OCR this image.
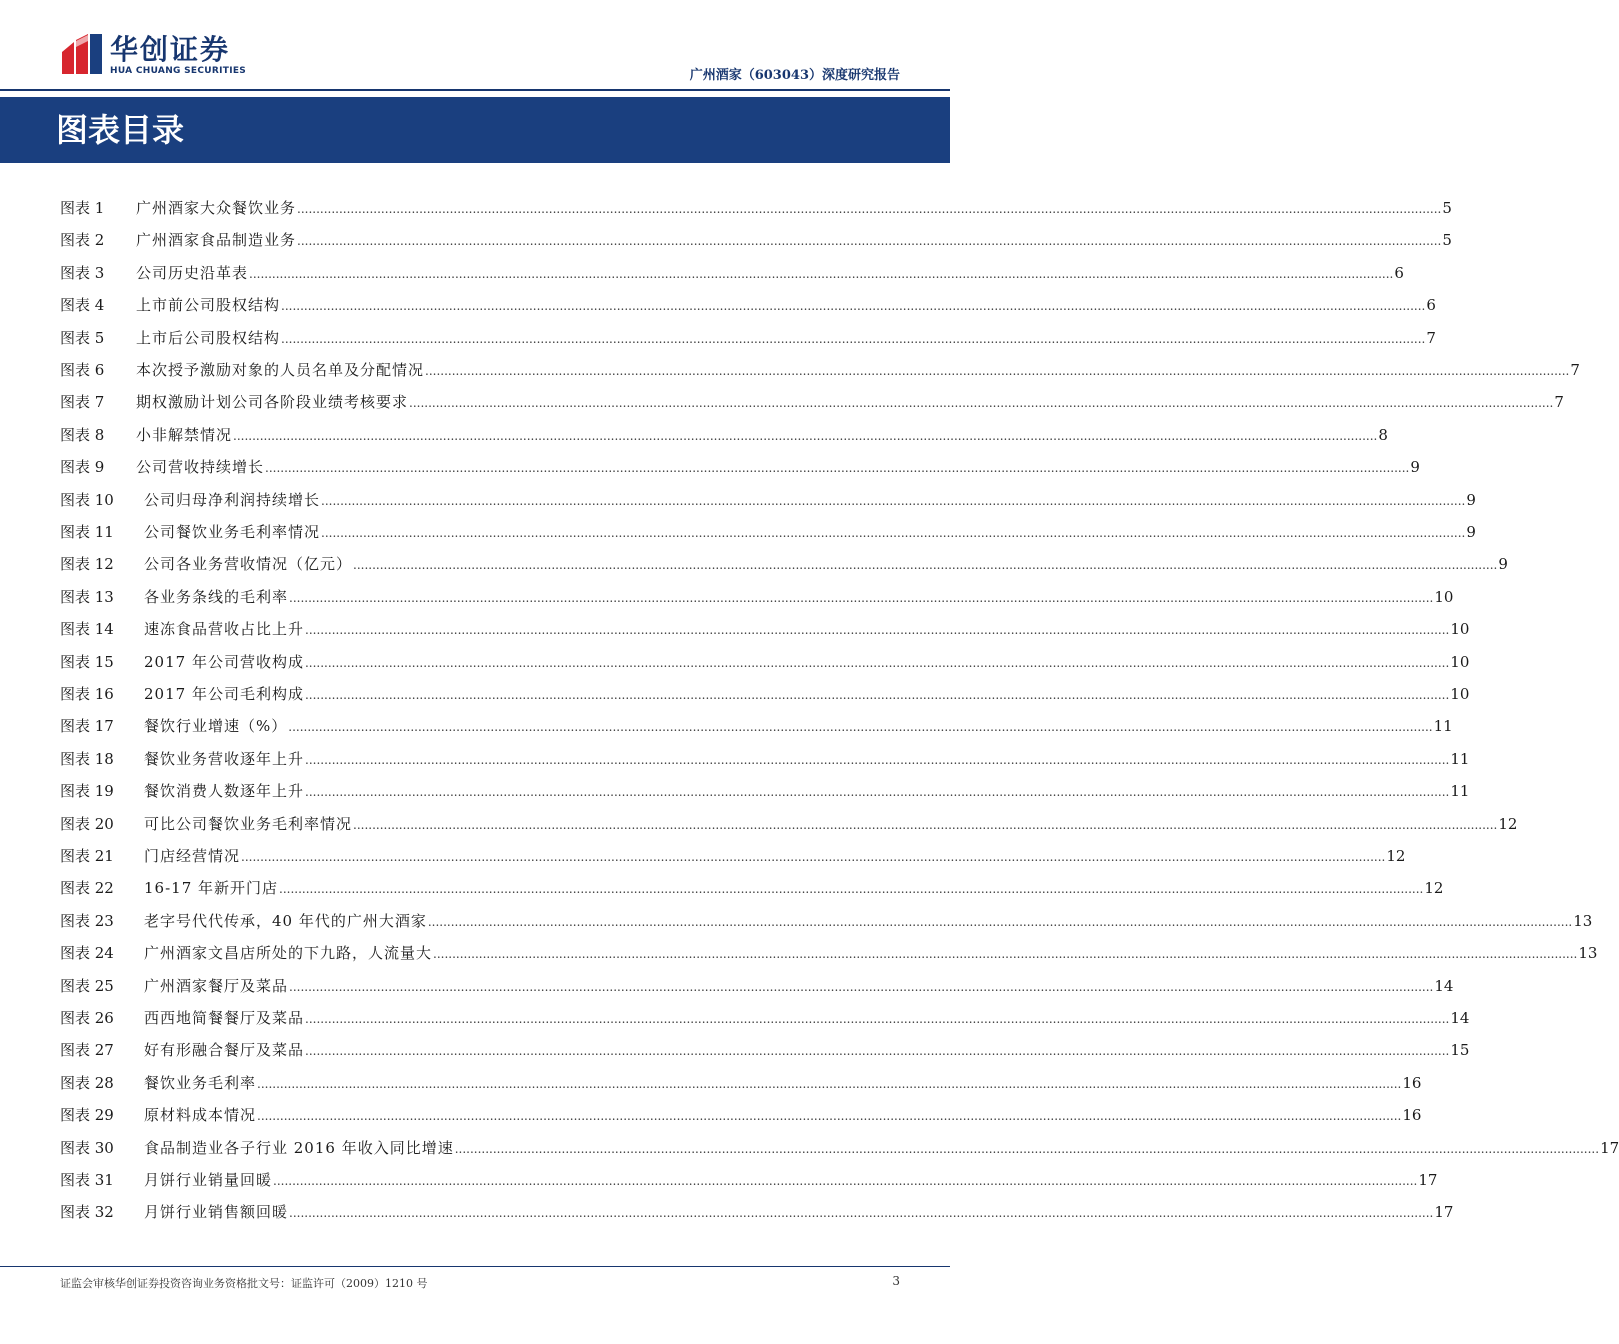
华创证券
HUA CHUANG SECURITIES	广州酒家（603043）深度研究报告
图表目录
图表 1 广州酒家大众餐饮业务 ............................................................................................................................................................................................................................................................................................................ 5
图表 2 广州酒家食品制造业务 ............................................................................................................................................................................................................................................................................................................ 5
图表 3 公司历史沿革表 ............................................................................................................................................................................................................................................................................................................ 6
图表 4 上市前公司股权结构 ............................................................................................................................................................................................................................................................................................................ 6
图表 5 上市后公司股权结构 ............................................................................................................................................................................................................................................................................................................ 7
图表 6 本次授予激励对象的人员名单及分配情况 ............................................................................................................................................................................................................................................................................................................ 7
图表 7 期权激励计划公司各阶段业绩考核要求 ............................................................................................................................................................................................................................................................................................................ 7
图表 8 小非解禁情况 ............................................................................................................................................................................................................................................................................................................ 8
图表 9 公司营收持续增长 ............................................................................................................................................................................................................................................................................................................ 9
图表 10 公司归母净利润持续增长 ............................................................................................................................................................................................................................................................................................................ 9
图表 11 公司餐饮业务毛利率情况 ............................................................................................................................................................................................................................................................................................................ 9
图表 12 公司各业务营收情况（亿元） ............................................................................................................................................................................................................................................................................................................ 9
图表 13 各业务条线的毛利率 ............................................................................................................................................................................................................................................................................................................ 10
图表 14 速冻食品营收占比上升 ............................................................................................................................................................................................................................................................................................................ 10
图表 15 2017 年公司营收构成 ............................................................................................................................................................................................................................................................................................................ 10
图表 16 2017 年公司毛利构成 ............................................................................................................................................................................................................................................................................................................ 10
图表 17 餐饮行业增速（%） ............................................................................................................................................................................................................................................................................................................ 11
图表 18 餐饮业务营收逐年上升 ............................................................................................................................................................................................................................................................................................................ 11
图表 19 餐饮消费人数逐年上升 ............................................................................................................................................................................................................................................................................................................ 11
图表 20 可比公司餐饮业务毛利率情况 ............................................................................................................................................................................................................................................................................................................ 12
图表 21 门店经营情况 ............................................................................................................................................................................................................................................................................................................ 12
图表 22 16-17 年新开门店 ............................................................................................................................................................................................................................................................................................................ 12
图表 23 老字号代代传承，40 年代的广州大酒家 ............................................................................................................................................................................................................................................................................................................ 13
图表 24 广州酒家文昌店所处的下九路，人流量大 ............................................................................................................................................................................................................................................................................................................ 13
图表 25 广州酒家餐厅及菜品 ............................................................................................................................................................................................................................................................................................................ 14
图表 26 西西地简餐餐厅及菜品 ............................................................................................................................................................................................................................................................................................................ 14
图表 27 好有形融合餐厅及菜品 ............................................................................................................................................................................................................................................................................................................ 15
图表 28 餐饮业务毛利率 ............................................................................................................................................................................................................................................................................................................ 16
图表 29 原材料成本情况 ............................................................................................................................................................................................................................................................................................................ 16
图表 30 食品制造业各子行业 2016 年收入同比增速 ............................................................................................................................................................................................................................................................................................................ 17
图表 31 月饼行业销量回暖 ............................................................................................................................................................................................................................................................................................................ 17
图表 32 月饼行业销售额回暖 ............................................................................................................................................................................................................................................................................................................ 17
证监会审核华创证券投资咨询业务资格批文号：证监许可（2009）1210 号	3
